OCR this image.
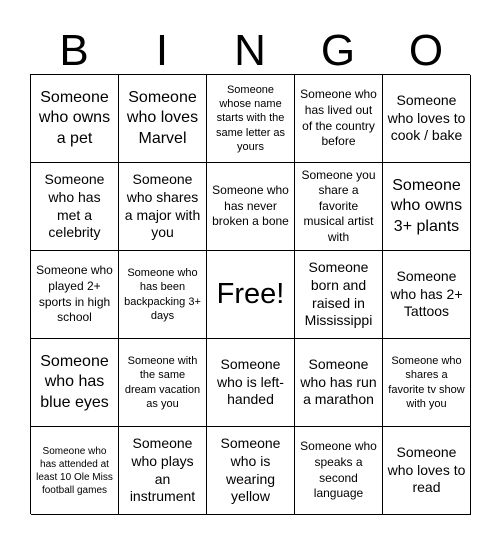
B	I	N	G	O
Someone who owns a pet
Someone who loves Marvel
Someone whose name starts with the same letter as yours
Someone who has lived out of the country before
Someone who loves to cook / bake
Someone who has met a celebrity
Someone who shares a major with you
Someone who has never broken a bone
Someone you share a favorite musical artist with
Someone who owns 3+ plants
Someone who played 2+ sports in high school
Someone who has been backpacking 3+ days
Free!
Someone born and raised in Mississippi
Someone who has 2+ Tattoos
Someone who has blue eyes
Someone with the same dream vacation as you
Someone who is left-handed
Someone who has run a marathon
Someone who shares a favorite tv show with you
Someone who has attended at least 10 Ole Miss football games
Someone who plays an instrument
Someone who is wearing yellow
Someone who speaks a second language
Someone who loves to read
